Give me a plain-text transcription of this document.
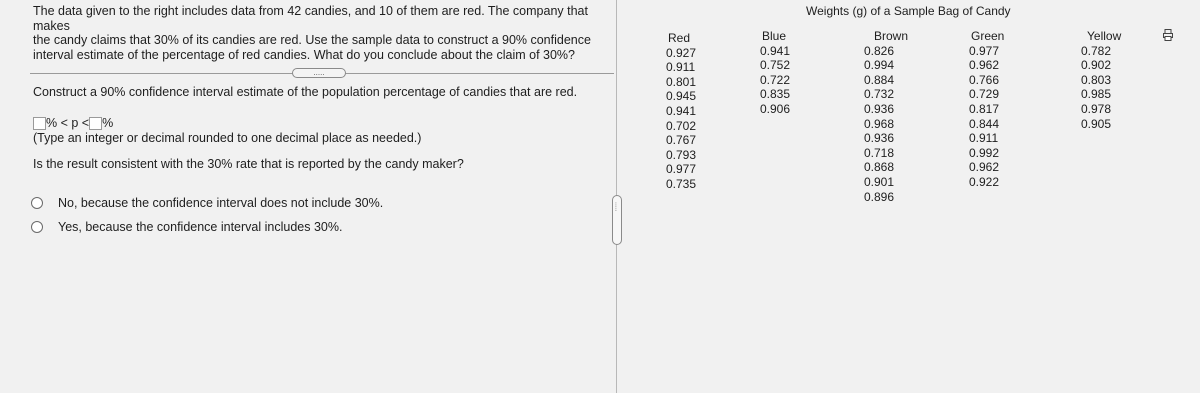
The data given to the right includes data from 42 candies, and 10 of them are red. The company that makes
the candy claims that 30% of its candies are red. Use the sample data to construct a 90% confidence
interval estimate of the percentage of red candies. What do you conclude about the claim of 30%?
.....
Construct a 90% confidence interval estimate of the population percentage of candies that are red.
% < p < %
(Type an integer or decimal rounded to one decimal place as needed.)
Is the result consistent with the 30% rate that is reported by the candy maker?
No, because the confidence interval does not include 30%.
Yes, because the confidence interval includes 30%.
.....
Weights (g) of a Sample Bag of Candy
Red
0.927
0.911
0.801
0.945
0.941
0.702
0.767
0.793
0.977
0.735
Blue
0.941
0.752
0.722
0.835
0.906
Brown
0.826
0.994
0.884
0.732
0.936
0.968
0.936
0.718
0.868
0.901
0.896
Green
0.977
0.962
0.766
0.729
0.817
0.844
0.911
0.992
0.962
0.922
Yellow
0.782
0.902
0.803
0.985
0.978
0.905
